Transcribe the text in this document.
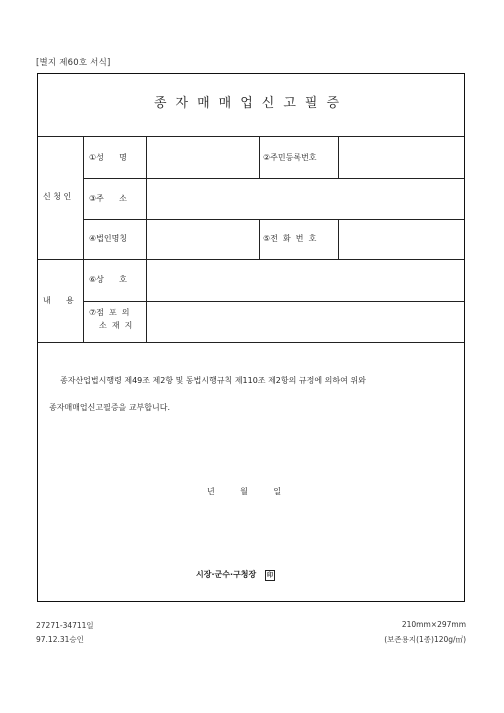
[별지 제60호 서식]
종자매매업신고필증
신 청 인
①성      명	②주민등록번호
③주      소
④법인명칭	⑤전  화  번  호
내      용
⑥상      호
⑦점  포  의
소  재  지
종자산업법시행령 제49조 제2항 및 동법시행규칙 제110조 제2항의 규정에 의하여 위와
종자매매업신고필증을 교부합니다.
년          월          일
시장·군수·구청장 印
27271-34711일
97.12.31승인
210mm×297mm
(보존용지(1종)120g/㎡)
